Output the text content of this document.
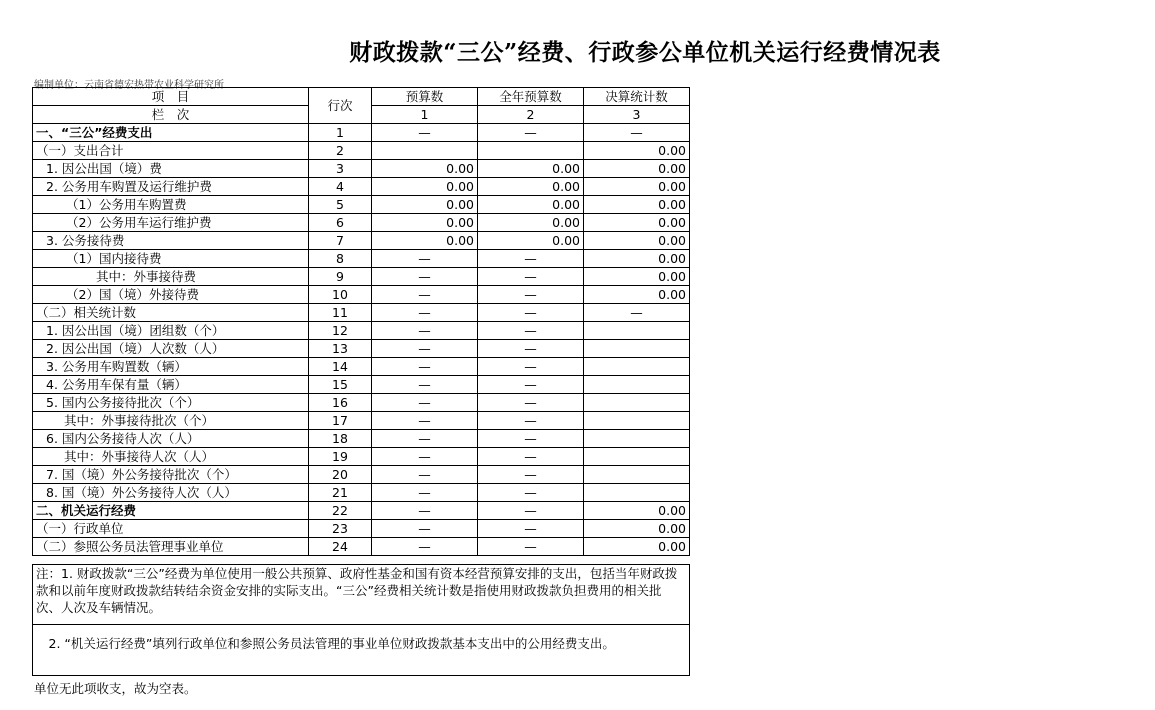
财政拨款“三公”经费、行政参公单位机关运行经费情况表
编制单位：云南省德宏热带农业科学研究所
项　目	行次	预算数	全年预算数	决算统计数
栏　次		1	2	3
一、“三公”经费支出	1	—	—	—
（一）支出合计	2			0.00
1. 因公出国（境）费	3	0.00	0.00	0.00
2. 公务用车购置及运行维护费	4	0.00	0.00	0.00
（1）公务用车购置费	5	0.00	0.00	0.00
（2）公务用车运行维护费	6	0.00	0.00	0.00
3. 公务接待费	7	0.00	0.00	0.00
（1）国内接待费	8	—	—	0.00
其中：外事接待费	9	—	—	0.00
（2）国（境）外接待费	10	—	—	0.00
（二）相关统计数	11	—	—	—
1. 因公出国（境）团组数（个）	12	—	—	
2. 因公出国（境）人次数（人）	13	—	—	
3. 公务用车购置数（辆）	14	—	—	
4. 公务用车保有量（辆）	15	—	—	
5. 国内公务接待批次（个）	16	—	—	
其中：外事接待批次（个）	17	—	—	
6. 国内公务接待人次（人）	18	—	—	
其中：外事接待人次（人）	19	—	—	
7. 国（境）外公务接待批次（个）	20	—	—	
8. 国（境）外公务接待人次（人）	21	—	—	
二、机关运行经费	22	—	—	0.00
（一）行政单位	23	—	—	0.00
（二）参照公务员法管理事业单位	24	—	—	0.00
注：1. 财政拨款“三公”经费为单位使用一般公共预算、政府性基金和国有资本经营预算安排的支出，包括当年财政拨款和以前年度财政拨款结转结余资金安排的实际支出。“三公”经费相关统计数是指使用财政拨款负担费用的相关批次、人次及车辆情况。
　2. “机关运行经费”填列行政单位和参照公务员法管理的事业单位财政拨款基本支出中的公用经费支出。
单位无此项收支，故为空表。
